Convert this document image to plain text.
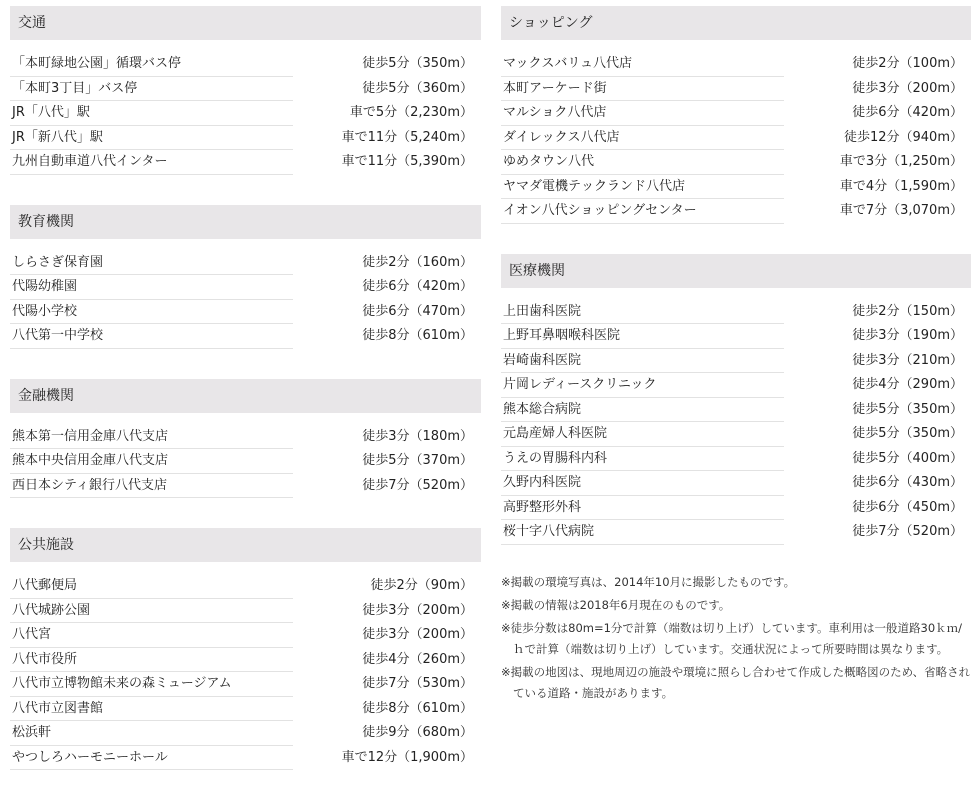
交通
「本町緑地公園」循環バス停	徒歩5分（350m）
「本町3丁目」バス停	徒歩5分（360m）
JR「八代」駅	車で5分（2,230m）
JR「新八代」駅	車で11分（5,240m）
九州自動車道八代インター	車で11分（5,390m）
教育機関
しらさぎ保育園	徒歩2分（160m）
代陽幼稚園	徒歩6分（420m）
代陽小学校	徒歩6分（470m）
八代第一中学校	徒歩8分（610m）
金融機関
熊本第一信用金庫八代支店	徒歩3分（180m）
熊本中央信用金庫八代支店	徒歩5分（370m）
西日本シティ銀行八代支店	徒歩7分（520m）
公共施設
八代郵便局	徒歩2分（90m）
八代城跡公園	徒歩3分（200m）
八代宮	徒歩3分（200m）
八代市役所	徒歩4分（260m）
八代市立博物館未来の森ミュージアム	徒歩7分（530m）
八代市立図書館	徒歩8分（610m）
松浜軒	徒歩9分（680m）
やつしろハーモニーホール	車で12分（1,900m）
ショッピング
マックスバリュ八代店	徒歩2分（100m）
本町アーケード街	徒歩3分（200m）
マルショク八代店	徒歩6分（420m）
ダイレックス八代店	徒歩12分（940m）
ゆめタウン八代	車で3分（1,250m）
ヤマダ電機テックランド八代店	車で4分（1,590m）
イオン八代ショッピングセンター	車で7分（3,070m）
医療機関
上田歯科医院	徒歩2分（150m）
上野耳鼻咽喉科医院	徒歩3分（190m）
岩崎歯科医院	徒歩3分（210m）
片岡レディースクリニック	徒歩4分（290m）
熊本総合病院	徒歩5分（350m）
元島産婦人科医院	徒歩5分（350m）
うえの胃腸科内科	徒歩5分（400m）
久野内科医院	徒歩6分（430m）
高野整形外科	徒歩6分（450m）
桜十字八代病院	徒歩7分（520m）
※掲載の環境写真は、2014年10月に撮影したものです。
※掲載の情報は2018年6月現在のものです。
※徒歩分数は80m=1分で計算（端数は切り上げ）しています。車利用は一般道路30ｋｍ/ｈで計算（端数は切り上げ）しています。交通状況によって所要時間は異なります。
※掲載の地図は、現地周辺の施設や環境に照らし合わせて作成した概略図のため、省略されている道路・施設があります。
